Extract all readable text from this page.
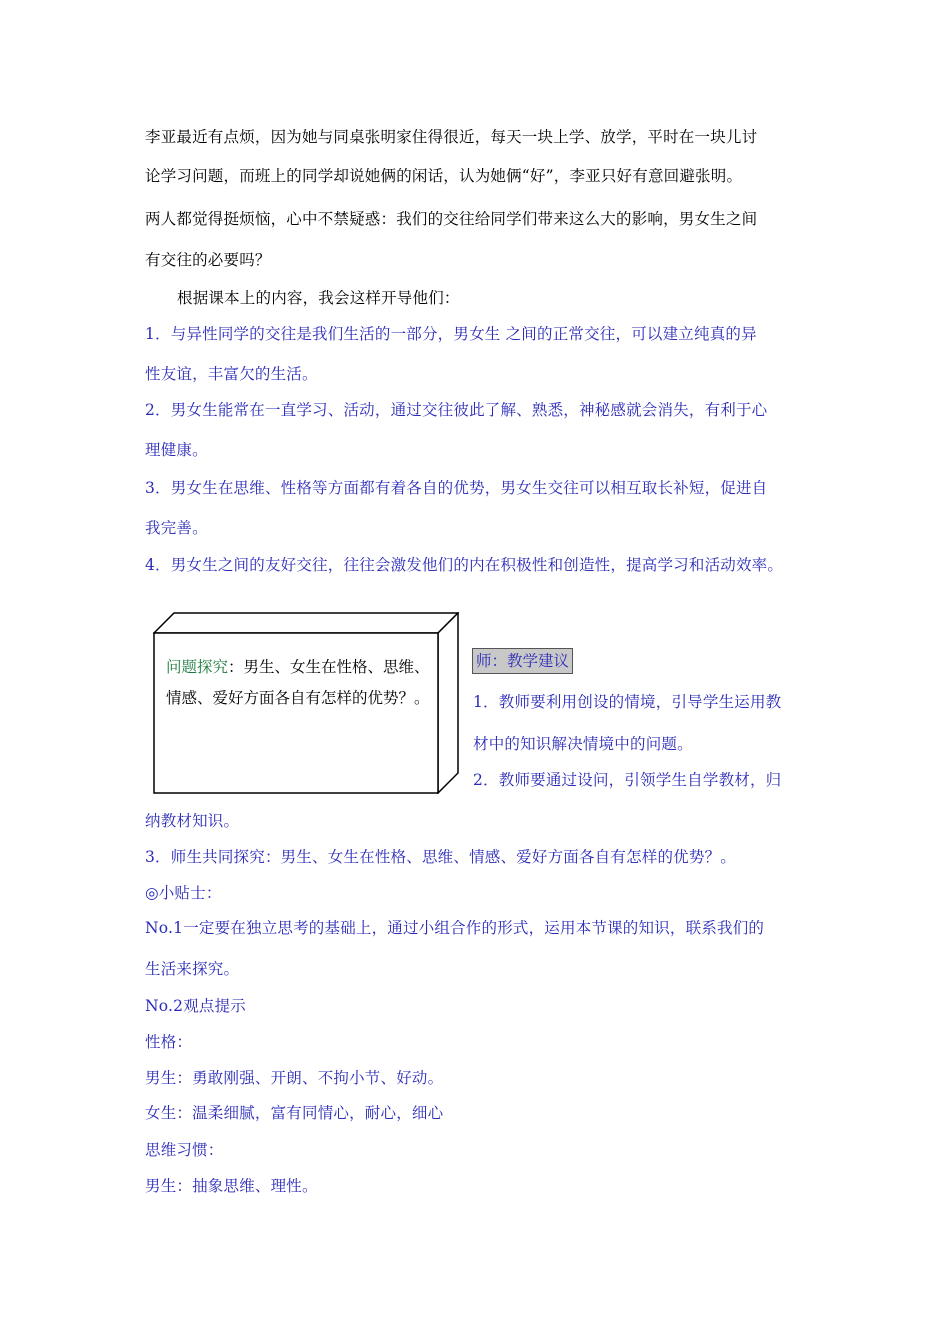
李亚最近有点烦，因为她与同桌张明家住得很近，每天一块上学、放学，平时在一块儿讨
论学习问题，而班上的同学却说她俩的闲话，认为她俩“好”，李亚只好有意回避张明。
两人都觉得挺烦恼，心中不禁疑惑：我们的交往给同学们带来这么大的影响，男女生之间
有交往的必要吗？
根据课本上的内容，我会这样开导他们：
1．与异性同学的交往是我们生活的一部分，男女生 之间的正常交往，可以建立纯真的异
性友谊，丰富欠的生活。
2．男女生能常在一直学习、活动，通过交往彼此了解、熟悉，神秘感就会消失，有利于心
理健康。
3．男女生在思维、性格等方面都有着各自的优势，男女生交往可以相互取长补短，促进自
我完善。
4．男女生之间的友好交往，往往会激发他们的内在积极性和创造性，提高学习和活动效率。
问题探究：男生、女生在性格、思维、情感、爱好方面各自有怎样的优势？。
师：教学建议
1．教师要利用创设的情境，引导学生运用教
材中的知识解决情境中的问题。
2．教师要通过设问，引领学生自学教材，归
纳教材知识。
3．师生共同探究：男生、女生在性格、思维、情感、爱好方面各自有怎样的优势？。
◎小贴士：
No.1一定要在独立思考的基础上，通过小组合作的形式，运用本节课的知识，联系我们的
生活来探究。
No.2观点提示
性格：
男生：勇敢刚强、开朗、不拘小节、好动。
女生：温柔细腻，富有同情心，耐心，细心
思维习惯：
男生：抽象思维、理性。
